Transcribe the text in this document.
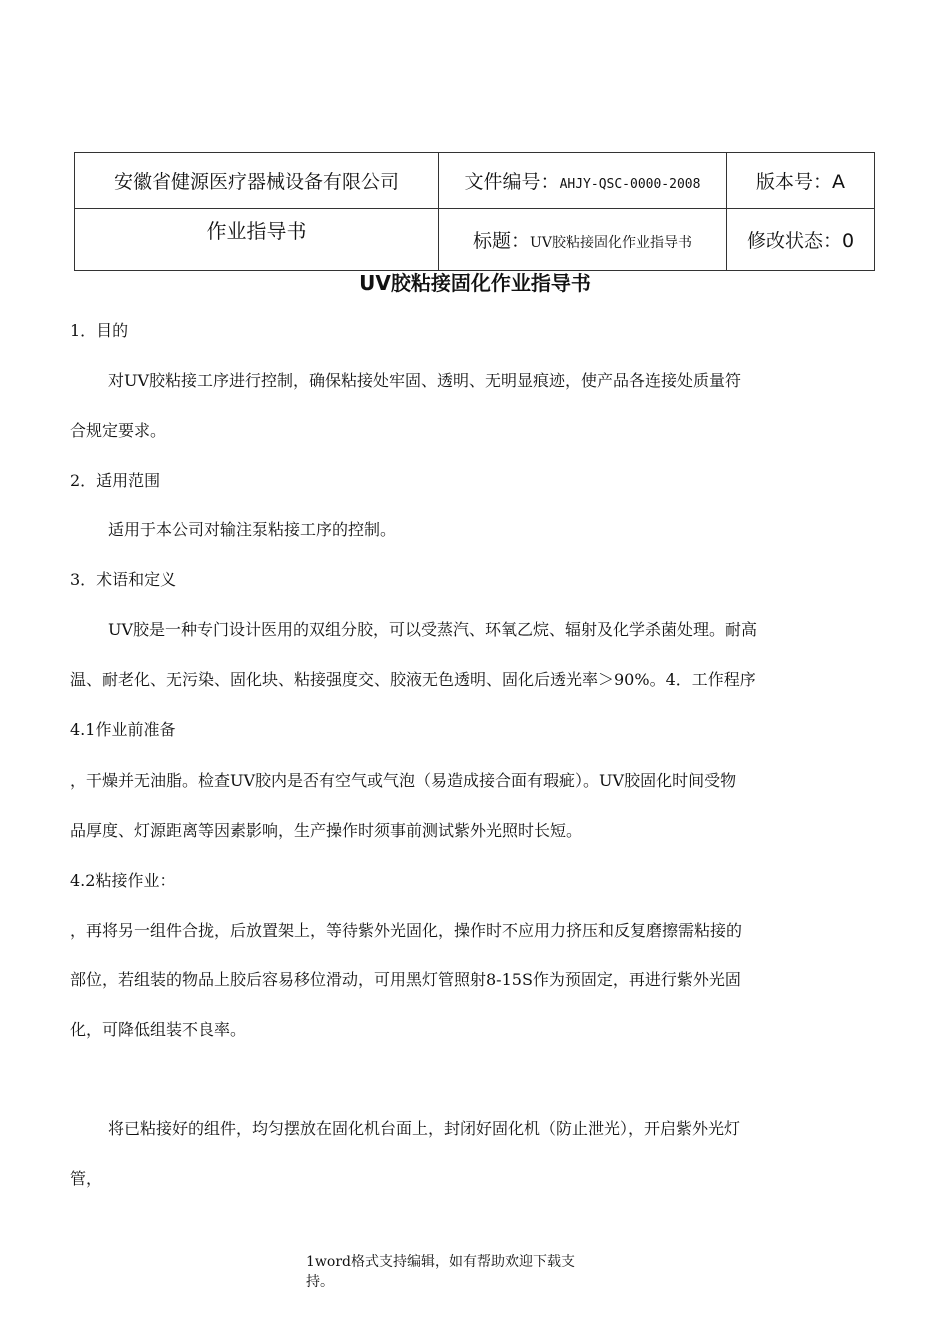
安徽省健源医疗器械设备有限公司	文件编号：AHJY-QSC-0000-2008	版本号：A
作业指导书	标题：UV胶粘接固化作业指导书	修改状态：0
UV胶粘接固化作业指导书
1．目的
对UV胶粘接工序进行控制，确保粘接处牢固、透明、无明显痕迹，使产品各连接处质量符
合规定要求。
2．适用范围
适用于本公司对输注泵粘接工序的控制。
3．术语和定义
UV胶是一种专门设计医用的双组分胶，可以受蒸汽、环氧乙烷、辐射及化学杀菌处理。耐高
温、耐老化、无污染、固化块、粘接强度交、胶液无色透明、固化后透光率＞90%。4．工作程序
4.1作业前准备
，干燥并无油脂。检查UV胶内是否有空气或气泡（易造成接合面有瑕疵）。UV胶固化时间受物
品厚度、灯源距离等因素影响，生产操作时须事前测试紫外光照时长短。
4.2粘接作业：
，再将另一组件合拢，后放置架上，等待紫外光固化，操作时不应用力挤压和反复磨擦需粘接的
部位，若组装的物品上胶后容易移位滑动，可用黑灯管照射8-15S作为预固定，再进行紫外光固
化，可降低组装不良率。
将已粘接好的组件，均匀摆放在固化机台面上，封闭好固化机（防止泄光），开启紫外光灯
管，
1word格式支持编辑，如有帮助欢迎下载支
持。
